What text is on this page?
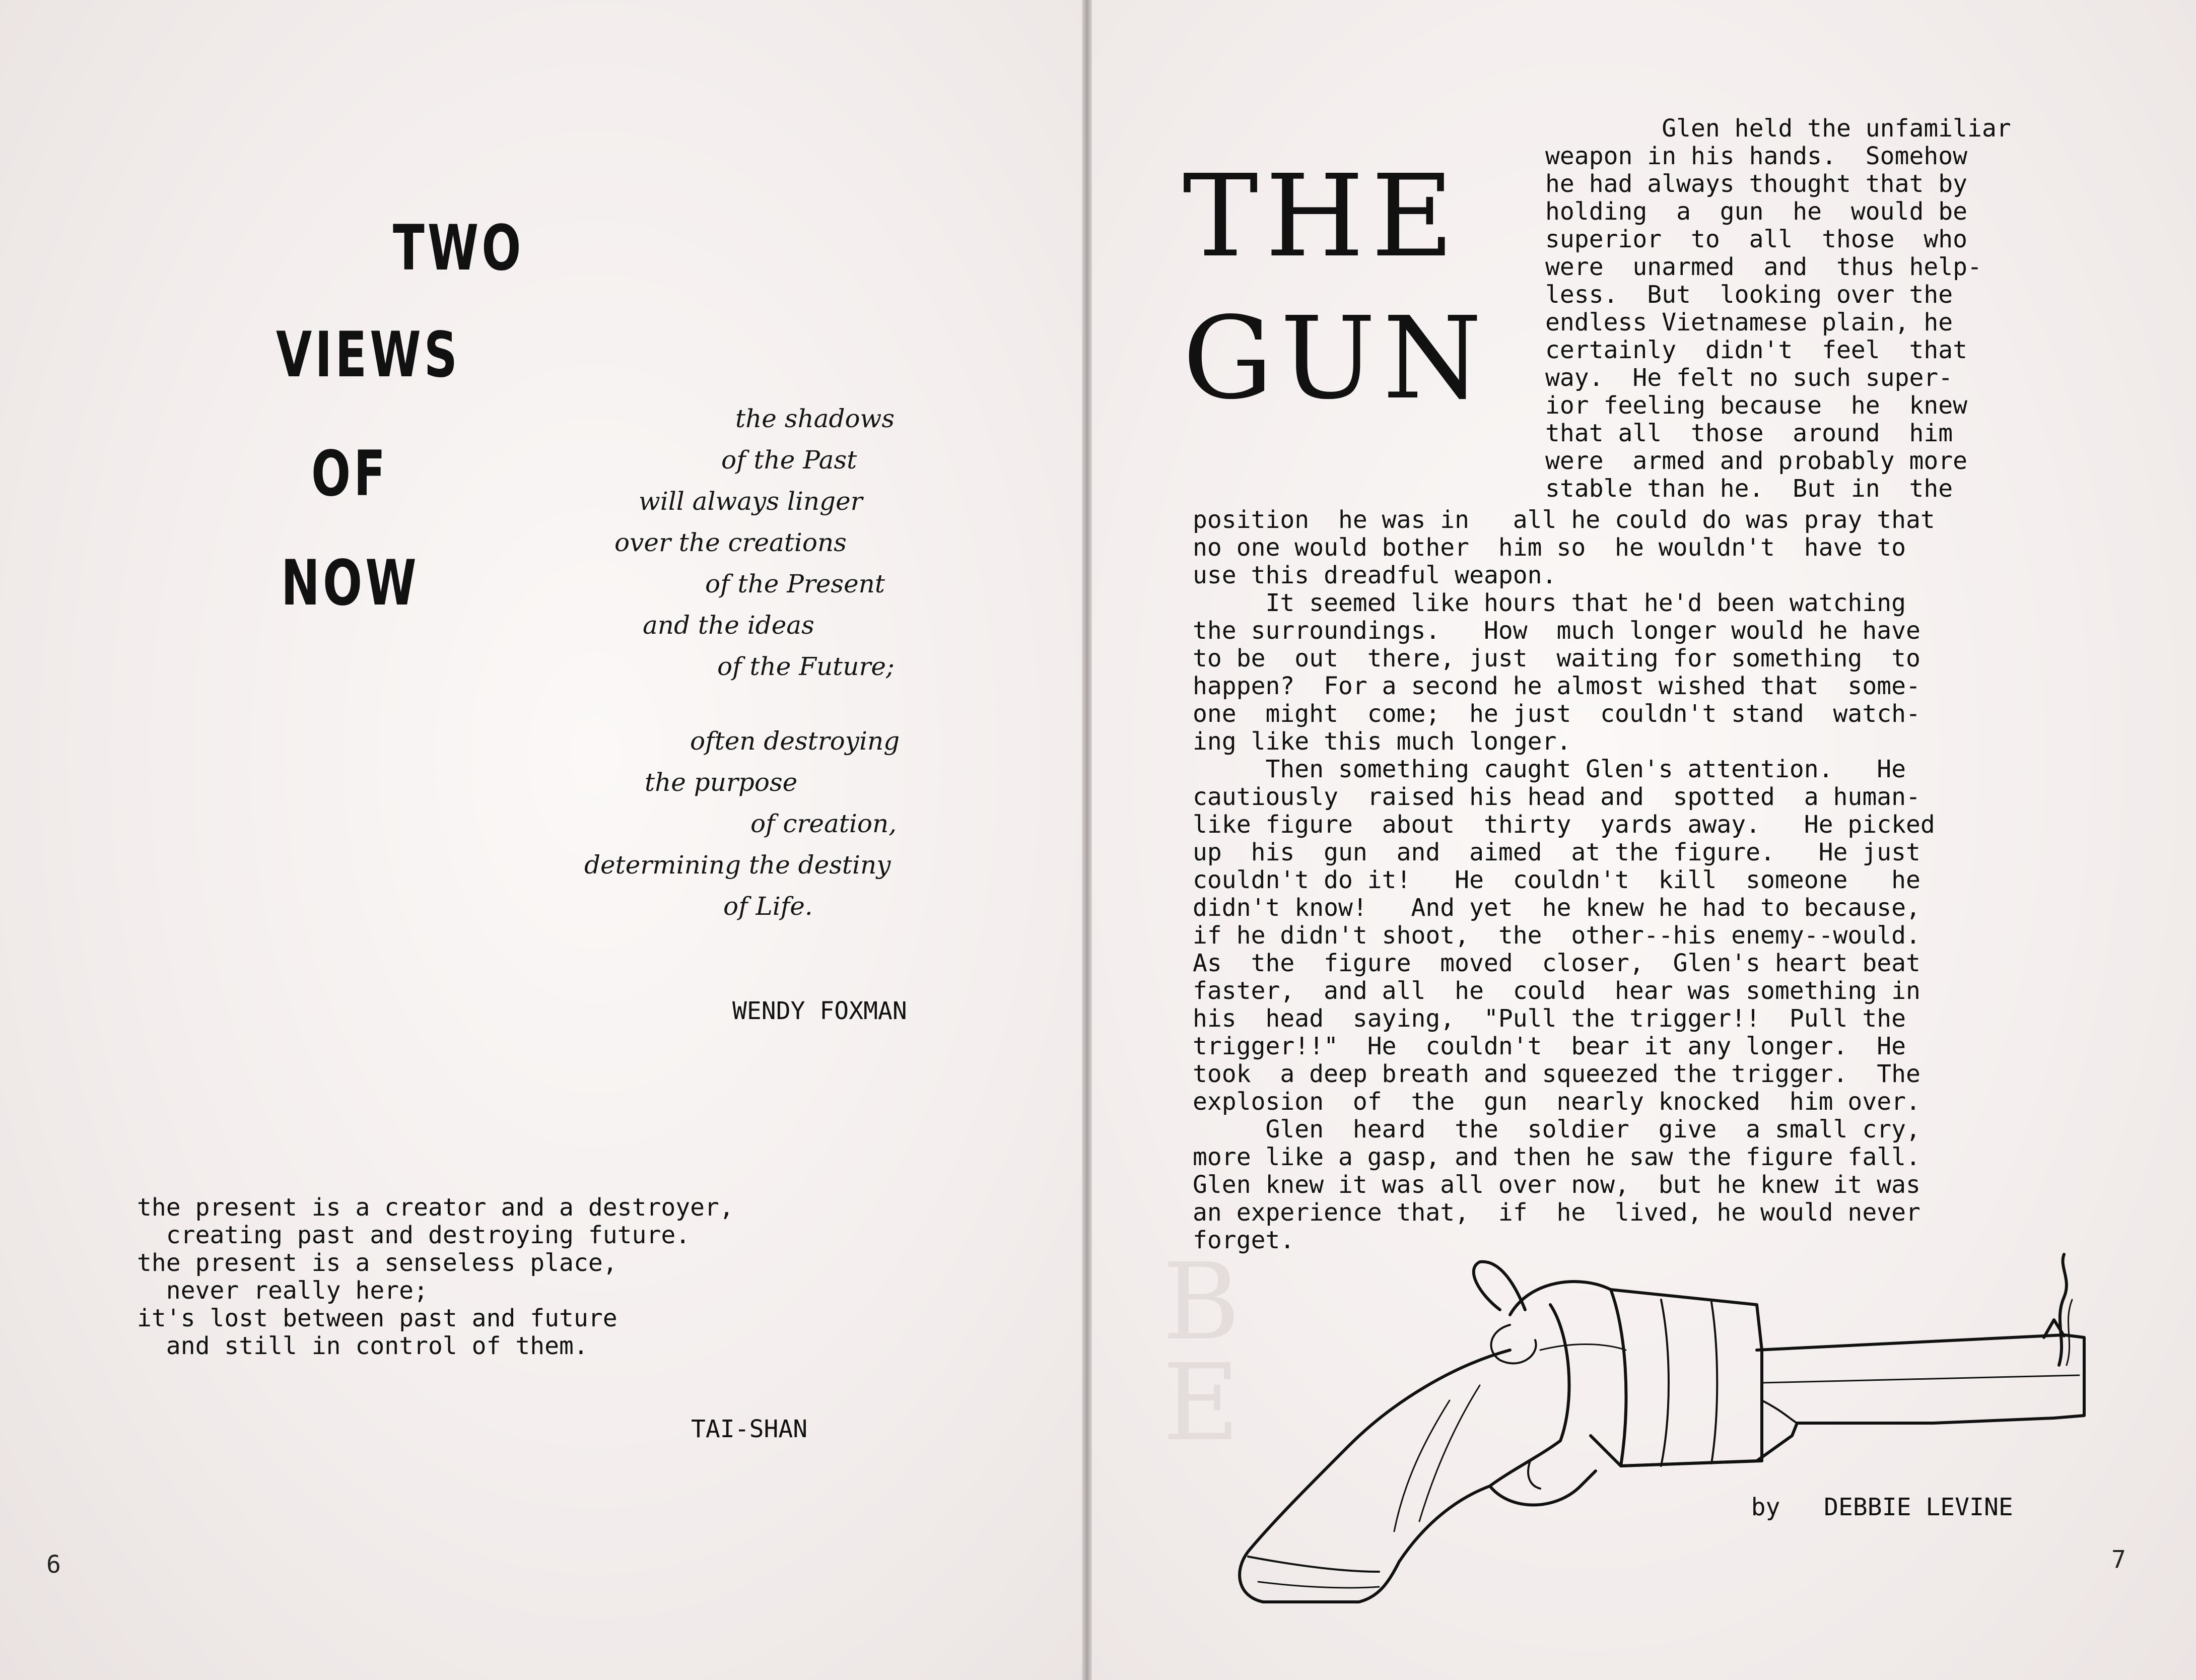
TWO
VIEWS
OF
NOW
the shadows
of the Past
will always linger
over the creations
of the Present
and the ideas
of the Future;
often destroying
the purpose
of creation,
determining the destiny
of Life.
WENDY FOXMAN
the present is a creator and a destroyer,
creating past and destroying future.
the present is a senseless place,
never really here;
it's lost between past and future
and still in control of them.
TAI-SHAN
6
B
E
THE
GUN
Glen held the unfamiliar
weapon in his hands.  Somehow
he had always thought that by
holding  a  gun  he  would be
superior  to  all  those  who
were  unarmed  and  thus help-
less.  But  looking over the
endless Vietnamese plain, he
certainly  didn't  feel  that
way.  He felt no such super-
ior feeling because  he  knew
that all  those  around  him
were  armed and probably more
stable than he.  But in  the
position  he was in   all he could do was pray that
no one would bother  him so  he wouldn't  have to
use this dreadful weapon.
It seemed like hours that he'd been watching
the surroundings.   How  much longer would he have
to be  out  there, just  waiting for something  to
happen?  For a second he almost wished that  some-
one  might  come;  he just  couldn't stand  watch-
ing like this much longer.
Then something caught Glen's attention.   He
cautiously  raised his head and  spotted  a human-
like figure  about  thirty  yards away.   He picked
up  his  gun  and  aimed  at the figure.   He just
couldn't do it!   He  couldn't  kill  someone   he
didn't know!   And yet  he knew he had to because,
if he didn't shoot,  the  other--his enemy--would.
As  the  figure  moved  closer,  Glen's heart beat
faster,  and all  he  could  hear was something in
his  head  saying,  "Pull the trigger!!  Pull the
trigger!!"  He  couldn't  bear it any longer.  He
took  a deep breath and squeezed the trigger.  The
explosion  of  the  gun  nearly knocked  him over.
Glen  heard  the  soldier  give  a small cry,
more like a gasp, and then he saw the figure fall.
Glen knew it was all over now,  but he knew it was
an experience that,  if  he  lived, he would never
forget.

by DEBBIE LEVINE

7
